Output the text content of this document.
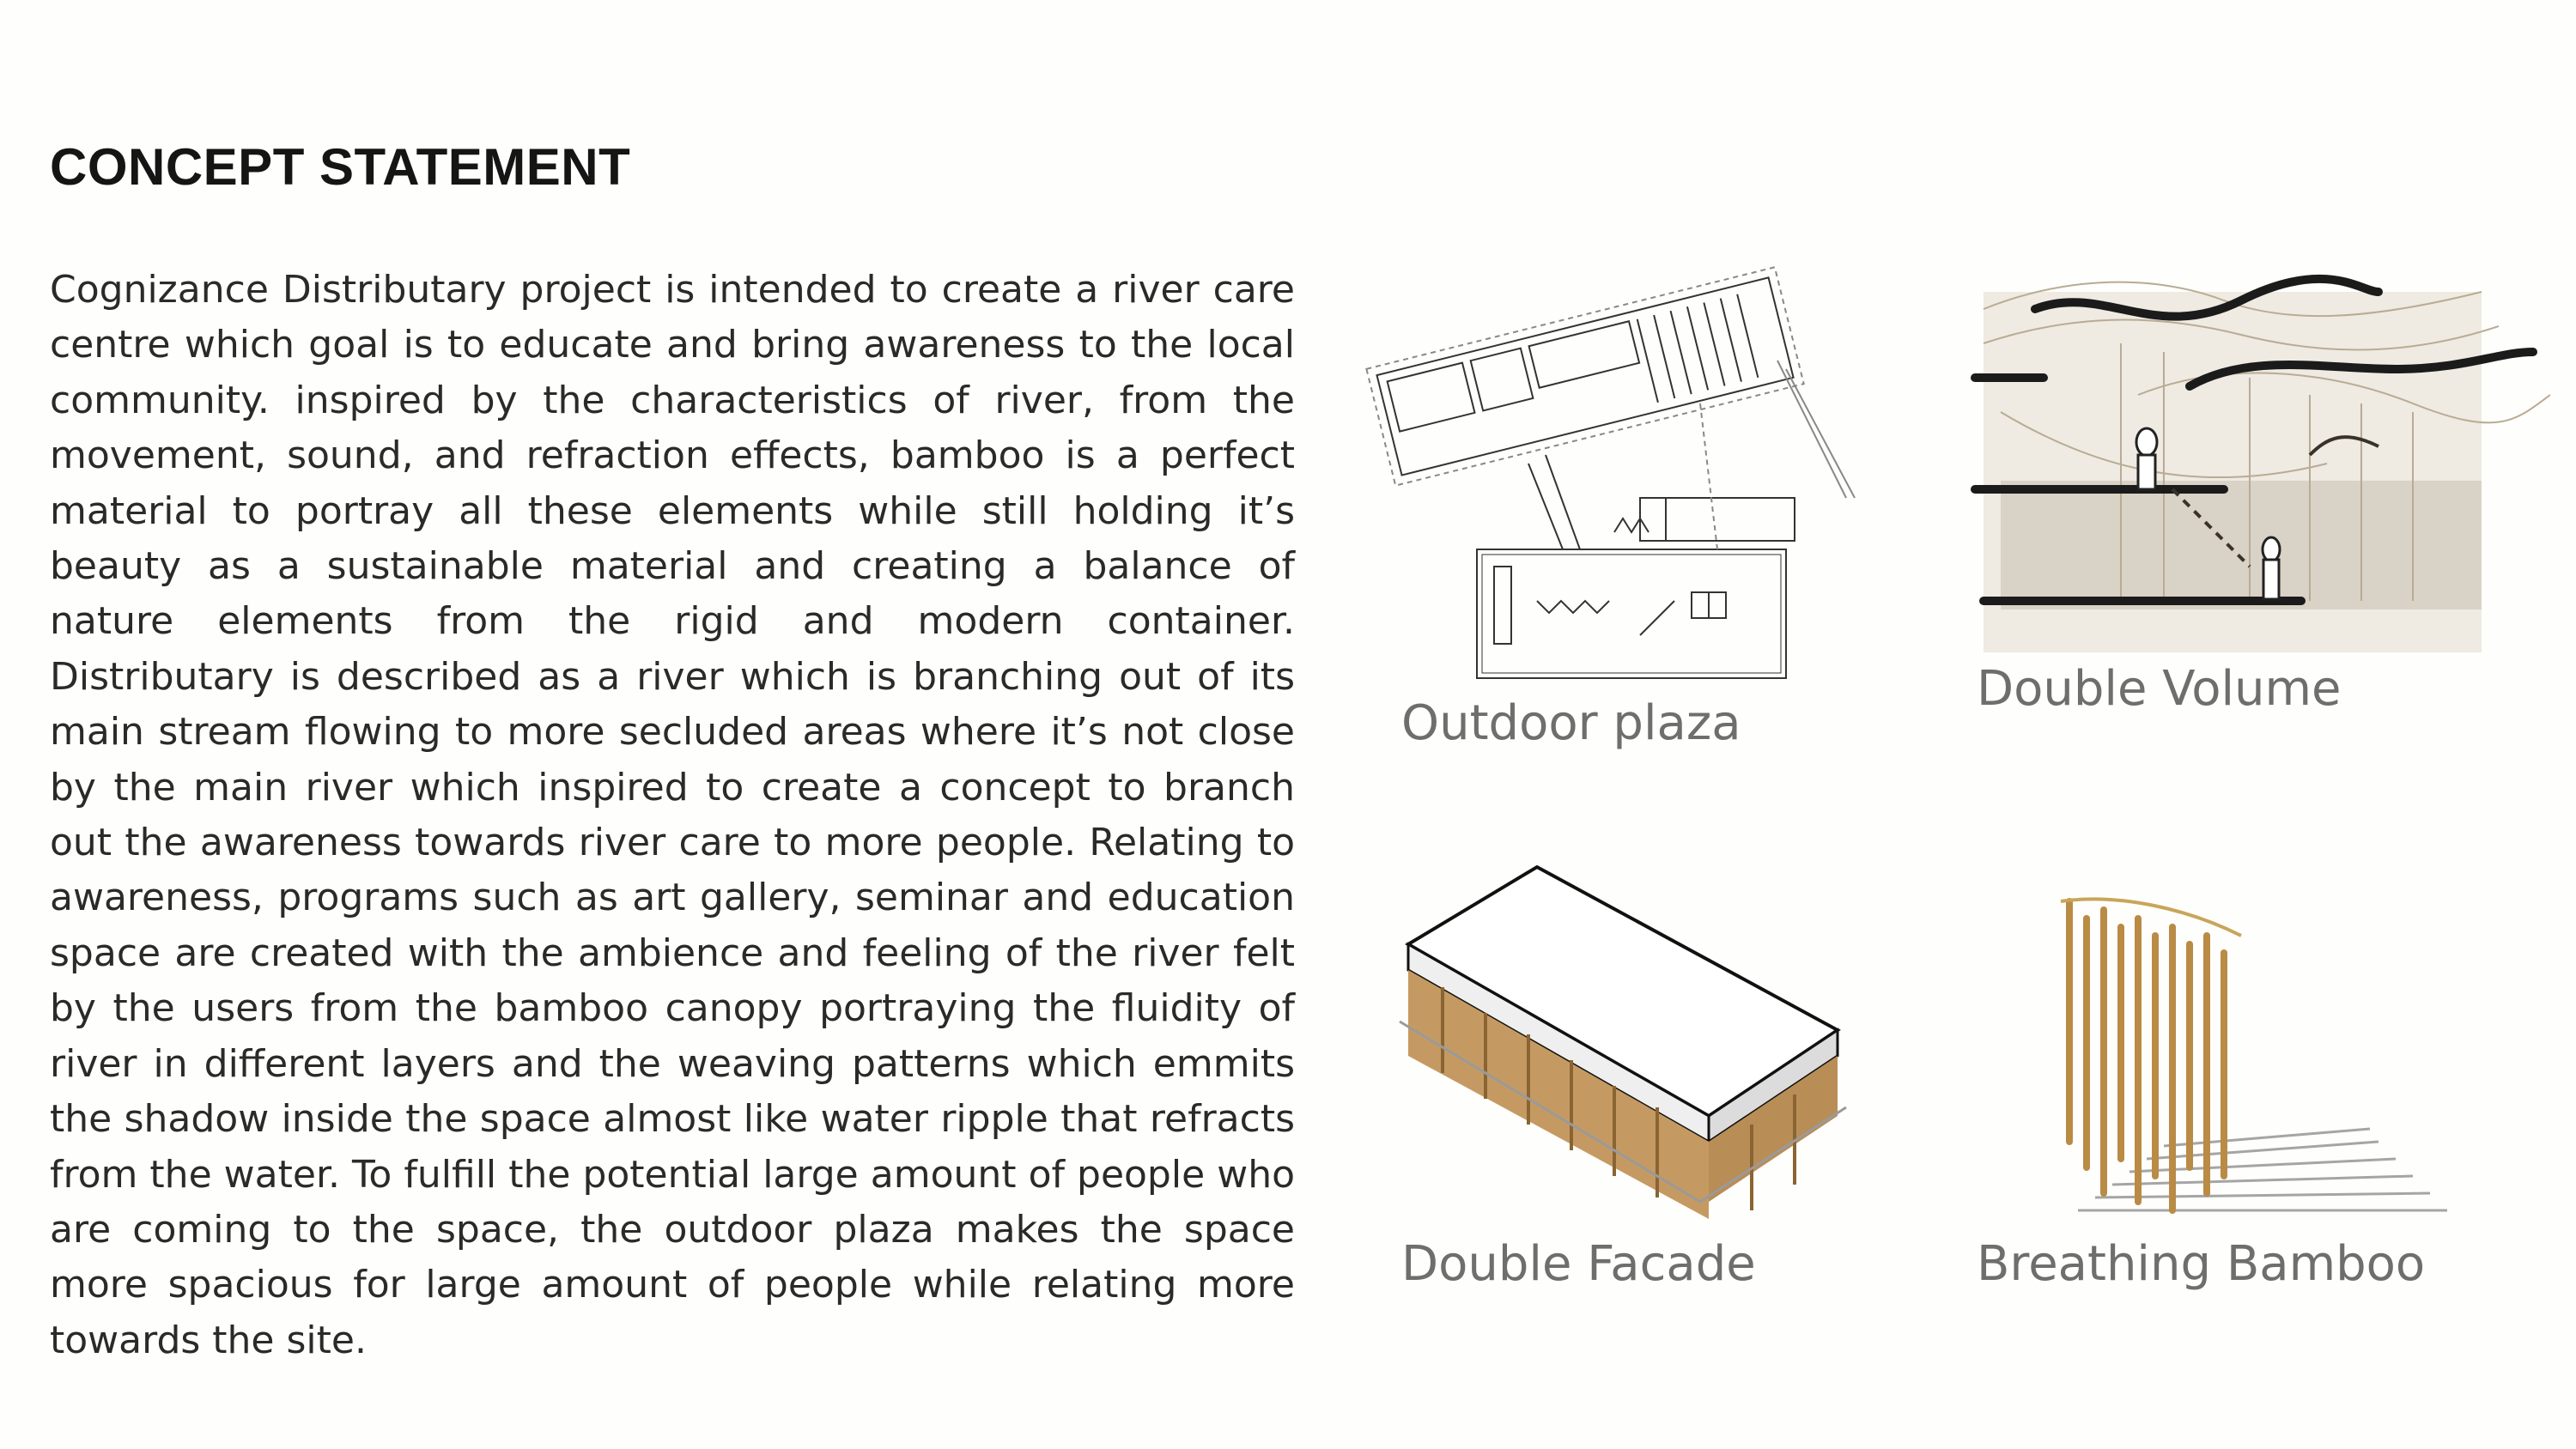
CONCEPT STATEMENT

Cognizance Distributary project is intended to create a river care centre which goal is to educate and bring awareness to the local community. inspired by the characteristics of river, from the movement, sound, and refraction effects, bamboo is a perfect material to portray all these elements while still holding it’s beauty as a sustainable material and creating a balance of nature elements from the rigid and modern container. Distributary is described as a river which is branching out of its main stream flowing to more secluded areas where it’s not close by the main river which inspired to create a concept to branch out the awareness towards river care to more people. Relating to awareness, programs such as art gallery, seminar and education space are created with the ambience and feeling of the river felt by the users from the bamboo canopy portraying the fluidity of river in different layers and the weaving patterns which emmits the shadow inside the space almost like water ripple that refracts from the water. To fulfill the potential large amount of people who are coming to the space, the outdoor plaza makes the space more spacious for large amount of people while relating more towards the site.

Outdoor plaza
Double Volume
Double Facade	Breathing Bamboo
